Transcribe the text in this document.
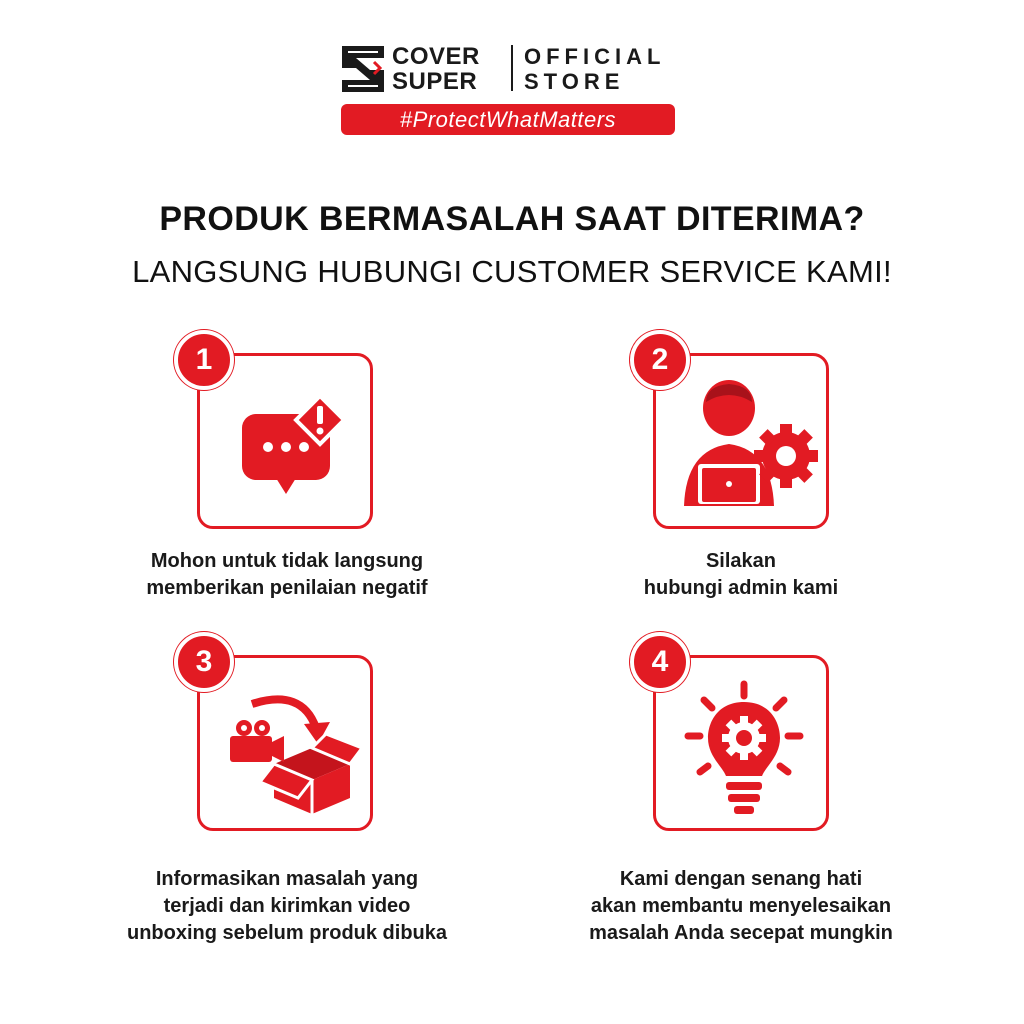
COVER
SUPER
OFFICIAL
STORE
#ProtectWhatMatters
PRODUK BERMASALAH SAAT DITERIMA?
LANGSUNG HUBUNGI CUSTOMER SERVICE KAMI!
1
Mohon untuk tidak langsung
memberikan penilaian negatif
2
Silakan
hubungi admin kami
3
Informasikan masalah yang
terjadi dan kirimkan video
unboxing sebelum produk dibuka
4
Kami dengan senang hati
akan membantu menyelesaikan
masalah Anda secepat mungkin
